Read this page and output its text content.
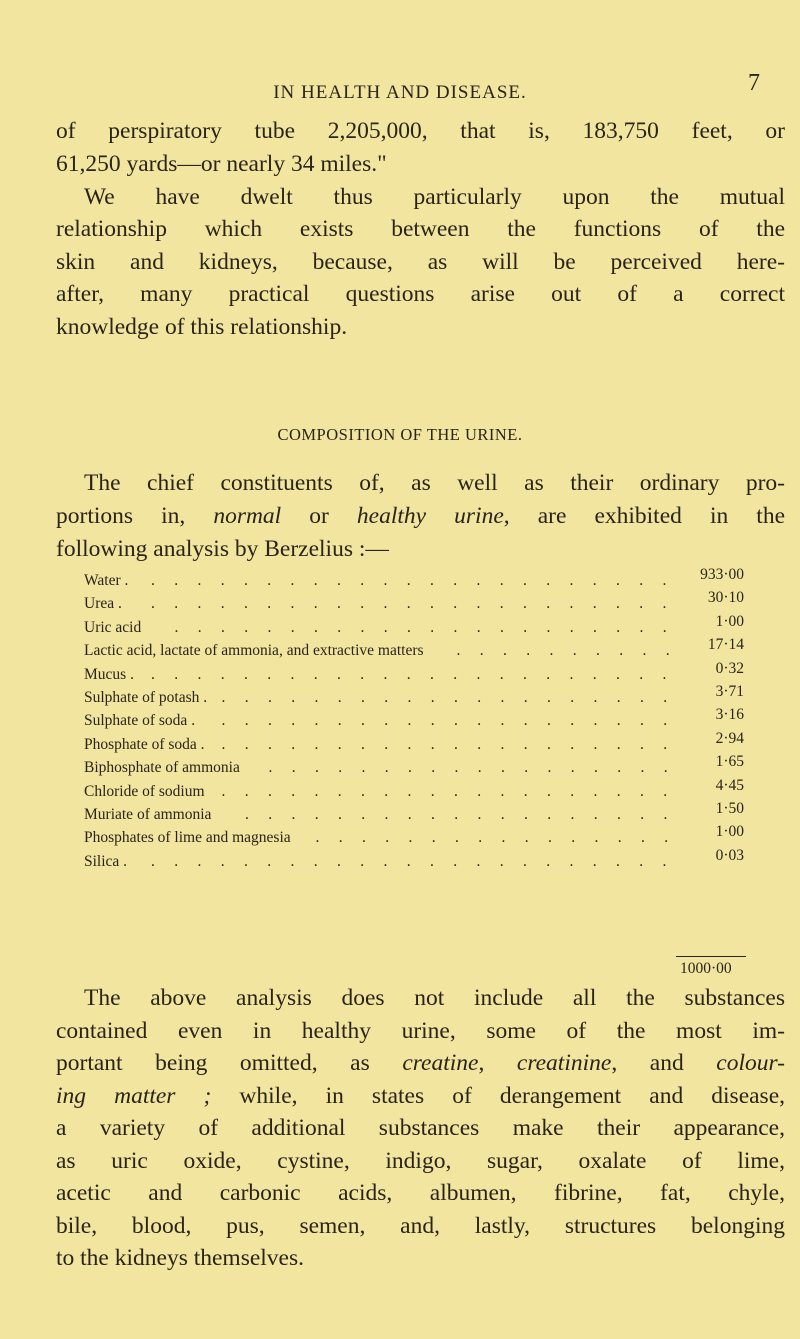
IN HEALTH AND DISEASE.	7
of perspiratory tube 2,205,000, that is, 183,750 feet, or
61,250 yards—or nearly 34 miles."
We have dwelt thus particularly upon the mutual
relationship which exists between the functions of the
skin and kidneys, because, as will be perceived here-
after, many practical questions arise out of a correct
knowledge of this relationship.
COMPOSITION OF THE URINE.
The chief constituents of, as well as their ordinary pro-
portions in, normal or healthy urine, are exhibited in the
following analysis by Berzelius :—
Water . .     .     .     .     .     .     .     .     .     .     .     .     .     .     .     .     .     .     .     .     .     .     . 933·00
Urea . .     .     .     .     .     .     .     .     .     .     .     .     .     .     .     .     .     .     .     .     .     .     .	30·10
Uric acid .     .     .     .     .     .     .     .     .     .     .     .     .     .     .     .     .     .     .     .     .     .	1·00
Lactic acid, lactate of ammonia, and extractive matters .     .     .     .     .     .     .     .     .     . 17·14
Mucus . .     .     .     .     .     .     .     .     .     .     .     .     .     .     .     .     .     .     .     .     .     .     .	0·32
Sulphate of potash . .     .     .     .     .     .     .     .     .     .     .     .     .     .     .     .     .     .     .     .	3·71
Sulphate of soda . .     .     .     .     .     .     .     .     .     .     .     .     .     .     .     .     .     .     .     .	3·16
Phosphate of soda . .     .     .     .     .     .     .     .     .     .     .     .     .     .     .     .     .     .     .     .	2·94
Biphosphate of ammonia .     .     .     .     .     .     .     .     .     .     .     .     .     .     .     .     .     .	1·65
Chloride of sodium .     .     .     .     .     .     .     .     .     .     .     .     .     .     .     .     .     .     .     .	4·45
Muriate of ammonia .     .     .     .     .     .     .     .     .     .     .     .     .     .     .     .     .     .     .	1·50
Phosphates of lime and magnesia .     .     .     .     .     .     .     .     .     .     .     .     .     .     .     .	1·00
Silica . .     .     .     .     .     .     .     .     .     .     .     .     .     .     .     .     .     .     .     .     .     .     .	0·03
1000·00
The above analysis does not include all the substances
contained even in healthy urine, some of the most im-
portant being omitted, as creatine, creatinine, and colour-
ing matter ; while, in states of derangement and disease,
a variety of additional substances make their appearance,
as uric oxide, cystine, indigo, sugar, oxalate of lime,
acetic and carbonic acids, albumen, fibrine, fat, chyle,
bile, blood, pus, semen, and, lastly, structures belonging
to the kidneys themselves.
